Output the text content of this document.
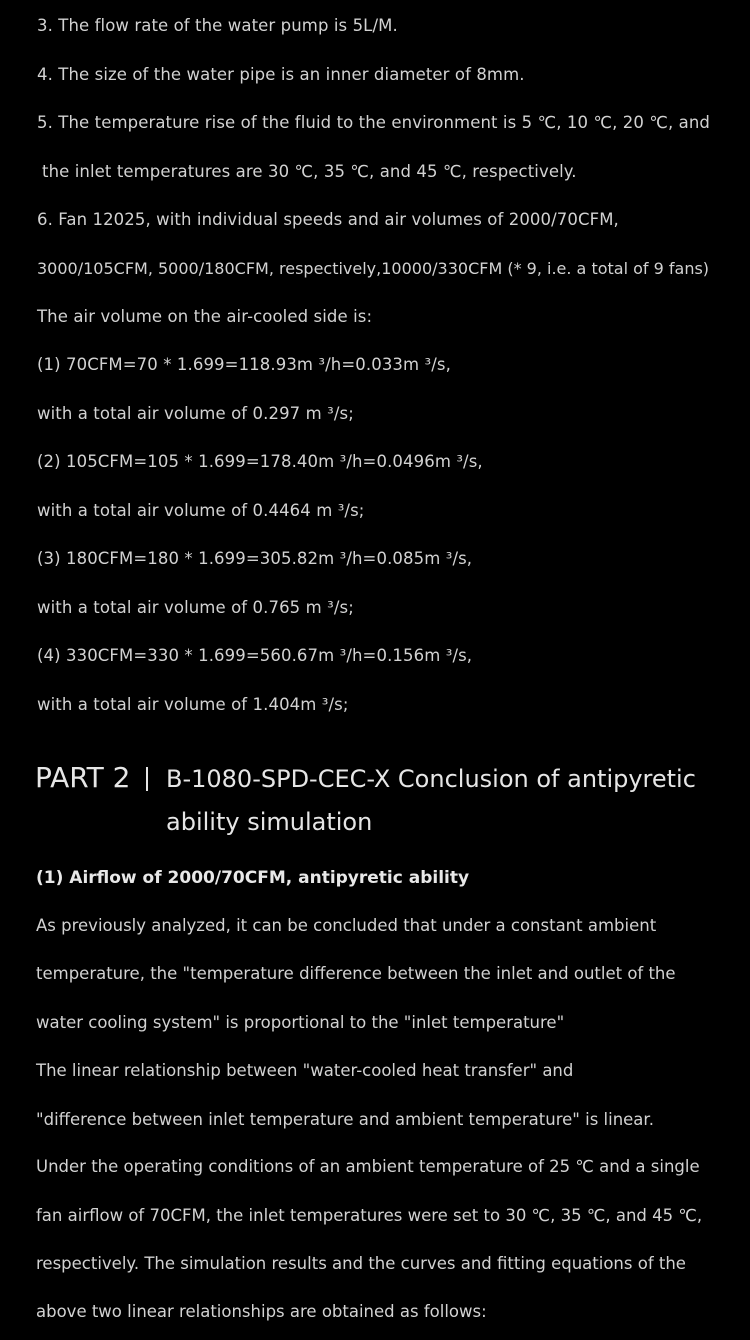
3. The flow rate of the water pump is 5L/M.
4. The size of the water pipe is an inner diameter of 8mm.
5. The temperature rise of the fluid to the environment is 5 ℃, 10 ℃, 20 ℃, and
the inlet temperatures are 30 ℃, 35 ℃, and 45 ℃, respectively.
6. Fan 12025, with individual speeds and air volumes of 2000/70CFM,
3000/105CFM, 5000/180CFM, respectively,10000/330CFM (* 9, i.e. a total of 9 fans)
The air volume on the air-cooled side is:
(1) 70CFM=70 * 1.699=118.93m ³/h=0.033m ³/s,
with a total air volume of 0.297 m ³/s;
(2) 105CFM=105 * 1.699=178.40m ³/h=0.0496m ³/s,
with a total air volume of 0.4464 m ³/s;
(3) 180CFM=180 * 1.699=305.82m ³/h=0.085m ³/s,
with a total air volume of 0.765 m ³/s;
(4) 330CFM=330 * 1.699=560.67m ³/h=0.156m ³/s,
with a total air volume of 1.404m ³/s;
PART 2 B-1080-SPD-CEC-X Conclusion of antipyretic ability simulation
(1) Airflow of 2000/70CFM, antipyretic ability
As previously analyzed, it can be concluded that under a constant ambient
temperature, the "temperature difference between the inlet and outlet of the
water cooling system" is proportional to the "inlet temperature"
The linear relationship between "water-cooled heat transfer" and
"difference between inlet temperature and ambient temperature" is linear.
Under the operating conditions of an ambient temperature of 25 ℃ and a single
fan airflow of 70CFM, the inlet temperatures were set to 30 ℃, 35 ℃, and 45 ℃,
respectively. The simulation results and the curves and fitting equations of the
above two linear relationships are obtained as follows:
